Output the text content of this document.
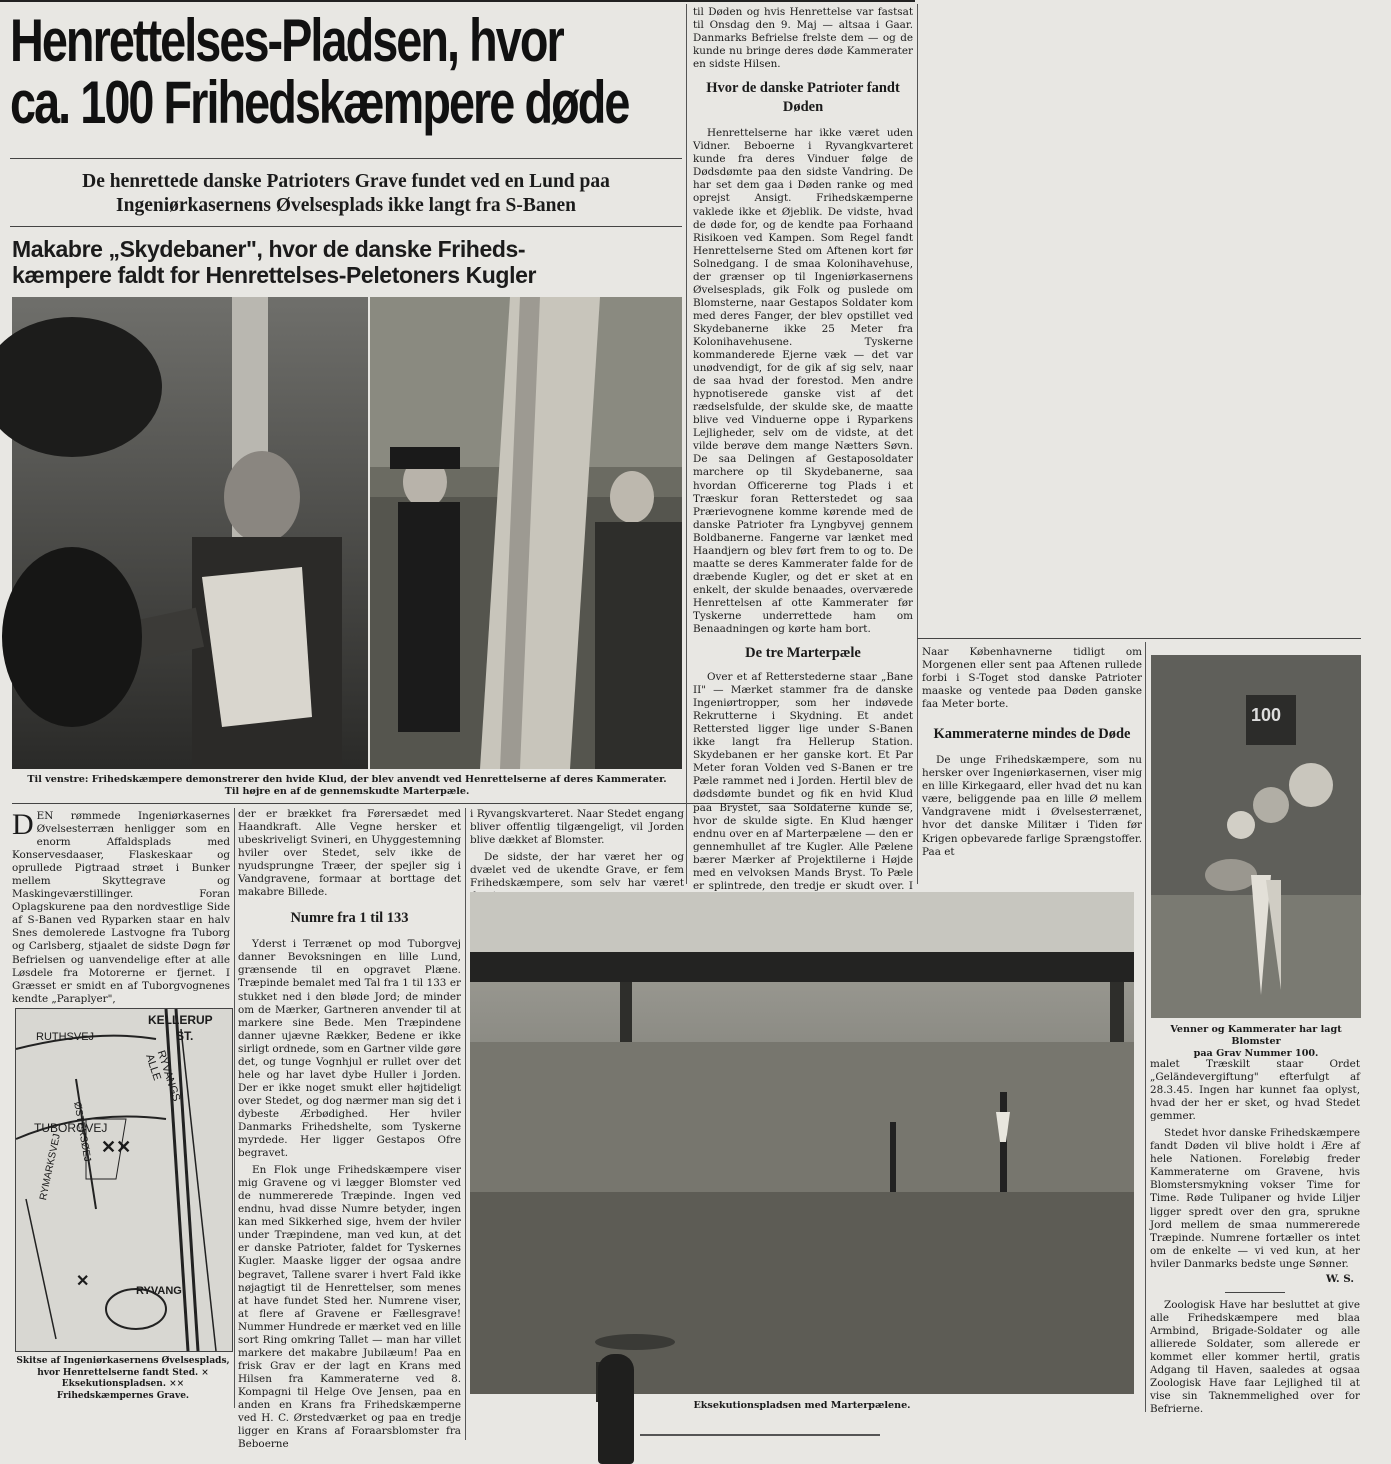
Henrettelses-Pladsen, hvor
ca. 100 Frihedskæmpere døde
De henrettede danske Patrioters Grave fundet ved en Lund paa
Ingeniørkasernens Øvelsesplads ikke langt fra S-Banen
Makabre „Skydebaner", hvor de danske Friheds-
kæmpere faldt for Henrettelses-Peletoners Kugler
Til venstre: Frihedskæmpere demonstrerer den hvide Klud, der blev anvendt ved Henrettelserne af deres Kammerater.
Til højre en af de gennemskudte Marterpæle.

til Døden og hvis Henrettelse var fastsat til Onsdag den 9. Maj — altsaa i Gaar. Danmarks Befrielse frelste dem — og de kunde nu bringe deres døde Kammerater en sidste Hilsen.

Hvor de danske Patrioter fandt Døden

Henrettelserne har ikke været uden Vidner. Beboerne i Ryvangkvarteret kunde fra deres Vinduer følge de Dødsdømte paa den sidste Vandring. De har set dem gaa i Døden ranke og med oprejst Ansigt. Frihedskæmperne vaklede ikke et Øjeblik. De vidste, hvad de døde for, og de kendte paa Forhaand Risikoen ved Kampen. Som Regel fandt Henrettelserne Sted om Aftenen kort før Solnedgang. I de smaa Kolonihavehuse, der grænser op til Ingeniørkasernens Øvelsesplads, gik Folk og puslede om Blomsterne, naar Gestapos Soldater kom med deres Fanger, der blev opstillet ved Skydebanerne ikke 25 Meter fra Kolonihavehusene. Tyskerne kommanderede Ejerne væk — det var unødvendigt, for de gik af sig selv, naar de saa hvad der forestod. Men andre hypnotiserede ganske vist af det rædselsfulde, der skulde ske, de maatte blive ved Vinduerne oppe i Ryparkens Lejligheder, selv om de vidste, at det vilde berøve dem mange Nætters Søvn. De saa Delingen af Gestaposoldater marchere op til Skydebanerne, saa hvordan Officererne tog Plads i et Træskur foran Retterstedet og saa Prærievognene komme kørende med de danske Patrioter fra Lyngbyvej gennem Boldbanerne. Fangerne var lænket med Haandjern og blev ført frem to og to. De maatte se deres Kammerater falde for de dræbende Kugler, og det er sket at en enkelt, der skulde benaades, overværede Henrettelsen af otte Kammerater før Tyskerne underrettede ham om Benaadningen og kørte ham bort.

De tre Marterpæle

Over et af Retterstederne staar „Bane II" — Mærket stammer fra de danske Ingeniørtropper, som her indøvede Rekrutterne i Skydning. Et andet Rettersted ligger lige under S-Banen ikke langt fra Hellerup Station. Skydebanen er her ganske kort. Et Par Meter foran Volden ved S-Banen er tre Pæle rammet ned i Jorden. Hertil blev de dødsdømte bundet og fik en hvid Klud paa Brystet, saa Soldaterne kunde se, hvor de skulde sigte. En Klud hænger endnu over en af Marterpælene — den er gennemhullet af tre Kugler. Alle Pælene bærer Mærker af Projektilerne i Højde med en velvoksen Mands Bryst. To Pæle er splintrede, den tredje er skudt over. I

Naar Københavnerne tidligt om Morgenen eller sent paa Aftenen rullede forbi i S-Toget stod danske Patrioter maaske og ventede paa Døden ganske faa Meter borte.

Kammeraterne mindes de Døde

De unge Frihedskæmpere, som nu hersker over Ingeniørkasernen, viser mig en lille Kirkegaard, eller hvad det nu kan være, beliggende paa en lille Ø mellem Vandgravene midt i Øvelsesterrænet, hvor det danske Militær i Tiden før Krigen opbevarede farlige Sprængstoffer. Paa et

100
Venner og Kammerater har lagt Blomster
paa Grav Nummer 100.

malet Træskilt staar Ordet „Geländevergiftung" efterfulgt af 28.3.45. Ingen har kunnet faa oplyst, hvad der her er sket, og hvad Stedet gemmer.

Stedet hvor danske Frihedskæmpere fandt Døden vil blive holdt i Ære af hele Nationen. Foreløbig freder Kammeraterne om Gravene, hvis Blomstersmykning vokser Time for Time. Røde Tulipaner og hvide Liljer ligger spredt over den gra, sprukne Jord mellem de smaa nummererede Træpinde. Numrene fortæller os intet om de enkelte — vi ved kun, at her hviler Danmarks bedste unge Sønner.

W. S.

Zoologisk Have har besluttet at give alle Frihedskæmpere med blaa Armbind, Brigade-Soldater og alle allierede Soldater, som allerede er kommet eller kommer hertil, gratis Adgang til Haven, saaledes at ogsaa Zoologisk Have faar Lejlighed til at vise sin Taknemmelighed over for Befrierne.

DEN rømmede Ingeniørkasernes Øvelsesterræn henligger som en enorm Affaldsplads med Konservesdaaser, Flaskeskaar og oprullede Pigtraad strøet i Bunker mellem Skyttegrave og Maskingeværstillinger. Foran Oplagskurene paa den nordvestlige Side af S-Banen ved Ryparken staar en halv Snes demolerede Lastvogne fra Tuborg og Carlsberg, stjaalet de sidste Døgn før Befrielsen og uanvendelige efter at alle Løsdele fra Motorerne er fjernet. I Græsset er smidt en af Tuborgvognenes kendte „Paraplyer",
KELLERUP
ST.
RUTHSVEJ
ØSTERSØEJ
TUBORGVEJ
RYVANGS ALLE
RYMARKSVEJ
RYVANG
✕✕
✕
Skitse af Ingeniørkasernens Øvelsesplads, hvor Henrettelserne fandt Sted. × Eksekutionspladsen. ×× Frihedskæmpernes Grave.

der er brækket fra Førersædet med Haandkraft. Alle Vegne hersker et ubeskriveligt Svineri, en Uhyggestemning hviler over Stedet, selv ikke de nyudsprungne Træer, der spejler sig i Vandgravene, formaar at borttage det makabre Billede.

Numre fra 1 til 133

Yderst i Terrænet op mod Tuborgvej danner Bevoksningen en lille Lund, grænsende til en opgravet Plæne. Træpinde bemalet med Tal fra 1 til 133 er stukket ned i den bløde Jord; de minder om de Mærker, Gartneren anvender til at markere sine Bede. Men Træpindene danner ujævne Rækker, Bedene er ikke sirligt ordnede, som en Gartner vilde gøre det, og tunge Vognhjul er rullet over det hele og har lavet dybe Huller i Jorden. Der er ikke noget smukt eller højtideligt over Stedet, og dog nærmer man sig det i dybeste Ærbødighed. Her hviler Danmarks Frihedshelte, som Tyskerne myrdede. Her ligger Gestapos Ofre begravet.

En Flok unge Frihedskæmpere viser mig Gravene og vi lægger Blomster ved de nummererede Træpinde. Ingen ved endnu, hvad disse Numre betyder, ingen kan med Sikkerhed sige, hvem der hviler under Træpindene, man ved kun, at det er danske Patrioter, faldet for Tyskernes Kugler. Maaske ligger der ogsaa andre begravet, Tallene svarer i hvert Fald ikke nøjagtigt til de Henrettelser, som menes at have fundet Sted her. Numrene viser, at flere af Gravene er Fællesgrave! Nummer Hundrede er mærket ved en lille sort Ring omkring Tallet — man har villet markere det makabre Jubilæum! Paa en frisk Grav er der lagt en Krans med Hilsen fra Kammeraterne ved 8. Kompagni til Helge Ove Jensen, paa en anden en Krans fra Frihedskæmperne ved H. C. Ørstedværket og paa en tredje ligger en Krans af Foraarsblomster fra Beboerne

i Ryvangskvarteret. Naar Stedet engang bliver offentlig tilgængeligt, vil Jorden blive dækket af Blomster.

De sidste, der har været her og dvælet ved de ukendte Grave, er fem Frihedskæmpere, som selv har været

Eksekutionspladsen med Marterpælene.
